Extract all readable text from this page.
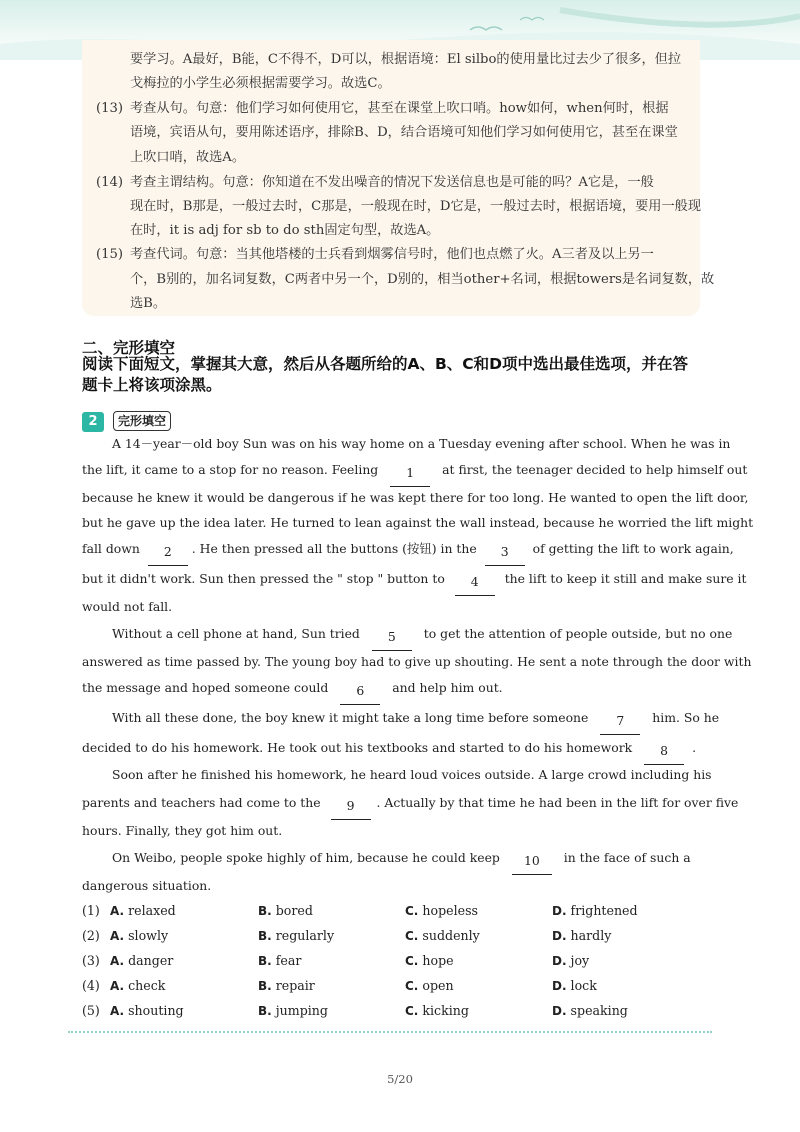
要学习。A最好，B能，C不得不，D可以，根据语境：El silbo的使用量比过去少了很多，但拉
戈梅拉的小学生必须根据需要学习。故选C。
(13) 考查从句。句意：他们学习如何使用它，甚至在课堂上吹口哨。how如何，when何时，根据
语境，宾语从句，要用陈述语序，排除B、D，结合语境可知他们学习如何使用它，甚至在课堂
上吹口哨，故选A。
(14) 考查主谓结构。句意：你知道在不发出噪音的情况下发送信息也是可能的吗？A它是，一般
现在时，B那是，一般过去时，C那是，一般现在时，D它是，一般过去时，根据语境，要用一般现
在时，it is adj for sb to do sth固定句型，故选A。
(15) 考查代词。句意：当其他塔楼的士兵看到烟雾信号时，他们也点燃了火。A三者及以上另一
个，B别的，加名词复数，C两者中另一个，D别的，相当other+名词，根据towers是名词复数，故
选B。
二、完形填空
阅读下面短文，掌握其大意，然后从各题所给的A、B、C和D项中选出最佳选项，并在答
题卡上将该项涂黑。
2	完形填空
A 14－year－old boy Sun was on his way home on a Tuesday evening after school. When he was in
the lift, it came to a stop for no reason. Feeling 1 at first, the teenager decided to help himself out
because he knew it would be dangerous if he was kept there for too long. He wanted to open the lift door,
but he gave up the idea later. He turned to lean against the wall instead, because he worried the lift might
fall down 2 . He then pressed all the buttons (按钮) in the 3 of getting the lift to work again,
but it didn't work. Sun then pressed the " stop " button to 4 the lift to keep it still and make sure it
would not fall.
Without a cell phone at hand, Sun tried 5 to get the attention of people outside, but no one
answered as time passed by. The young boy had to give up shouting. He sent a note through the door with
the message and hoped someone could 6 and help him out.
With all these done, the boy knew it might take a long time before someone 7 him. So he
decided to do his homework. He took out his textbooks and started to do his homework 8 .
Soon after he finished his homework, he heard loud voices outside. A large crowd including his
parents and teachers had come to the 9 . Actually by that time he had been in the lift for over five
hours. Finally, they got him out.
On Weibo, people spoke highly of him, because he could keep 10 in the face of such a
dangerous situation.
(1) A. relaxed	B. bored	C. hopeless	D. frightened
(2) A. slowly	B. regularly	C. suddenly	D. hardly
(3) A. danger	B. fear	C. hope	D. joy
(4) A. check	B. repair	C. open	D. lock
(5) A. shouting	B. jumping	C. kicking	D. speaking
5/20
